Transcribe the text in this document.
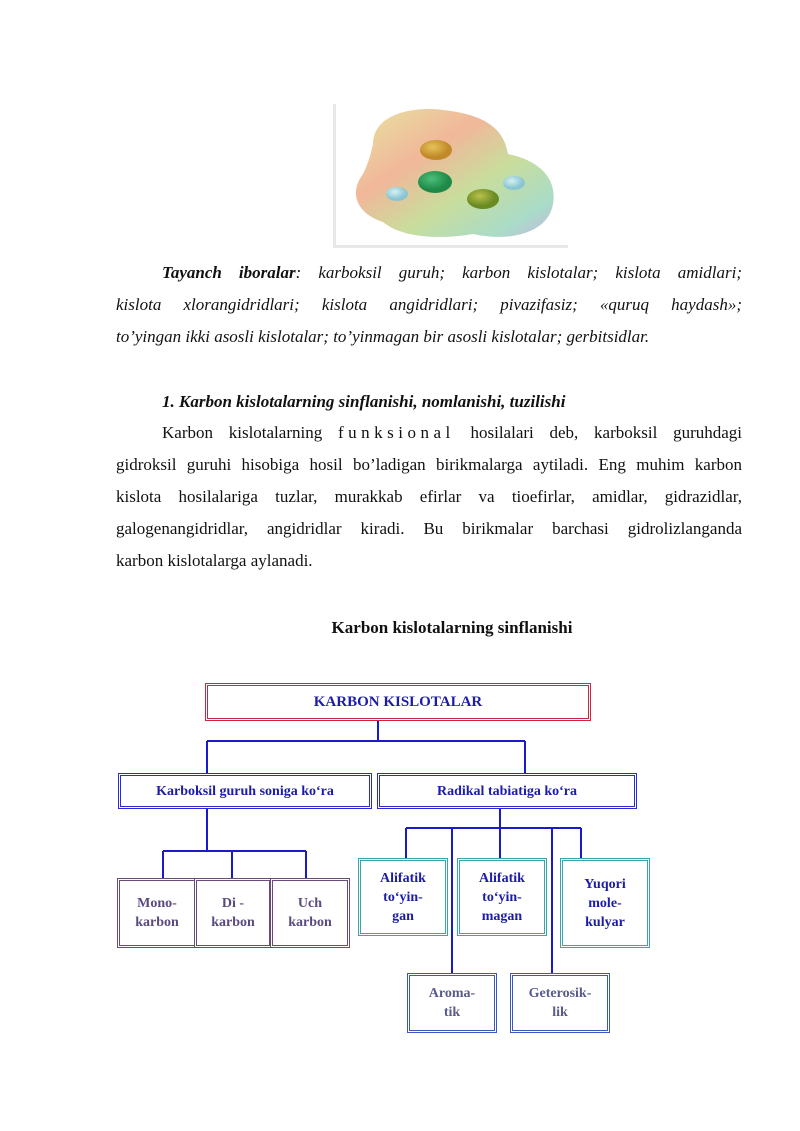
Tayanch iboralar: karboksil guruh; karbon kislotalar; kislota amidlari;
kislota xlorangidridlari; kislota angidridlari; pivazifasiz; «quruq haydash»;
to’yingan ikki asosli kislotalar; to’yinmagan bir asosli kislotalar; gerbitsidlar.
1. Karbon kislotalarning sinflanishi, nomlanishi, tuzilishi
Karbon kislotalarning funksional hosilalari deb, karboksil guruhdagi
gidroksil guruhi hisobiga hosil bo’ladigan birikmalarga aytiladi. Eng muhim karbon
kislota hosilalariga tuzlar, murakkab efirlar va tioefirlar, amidlar, gidrazidlar,
galogenangidridlar, angidridlar kiradi. Bu birikmalar barchasi gidrolizlanganda
karbon kislotalarga aylanadi.
Karbon kislotalarning sinflanishi
KARBON KISLOTALAR
Karboksil guruh soniga ko‘ra	Radikal tabiatiga ko‘ra
Mono-
karbon
Di -
karbon
Uch
karbon
Alifatik
to‘yin-
gan
Alifatik
to‘yin-
magan
Yuqori
mole-
kulyar
Aroma-
tik
Geterosik-
lik
